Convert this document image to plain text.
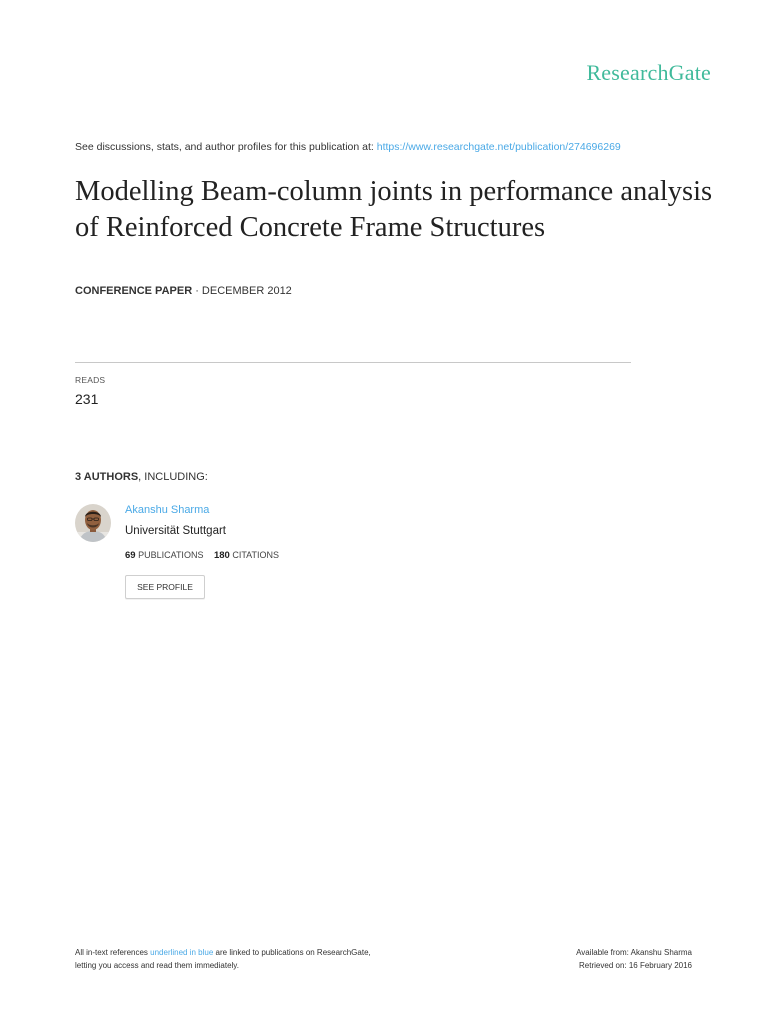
ResearchGate
See discussions, stats, and author profiles for this publication at: https://www.researchgate.net/publication/274696269
Modelling Beam-column joints in performance analysis of Reinforced Concrete Frame Structures
CONFERENCE PAPER · DECEMBER 2012
READS
231
3 AUTHORS, INCLUDING:
Akanshu Sharma
Universität Stuttgart
69 PUBLICATIONS 180 CITATIONS
SEE PROFILE
All in-text references underlined in blue are linked to publications on ResearchGate,
letting you access and read them immediately.
Available from: Akanshu Sharma
Retrieved on: 16 February 2016
